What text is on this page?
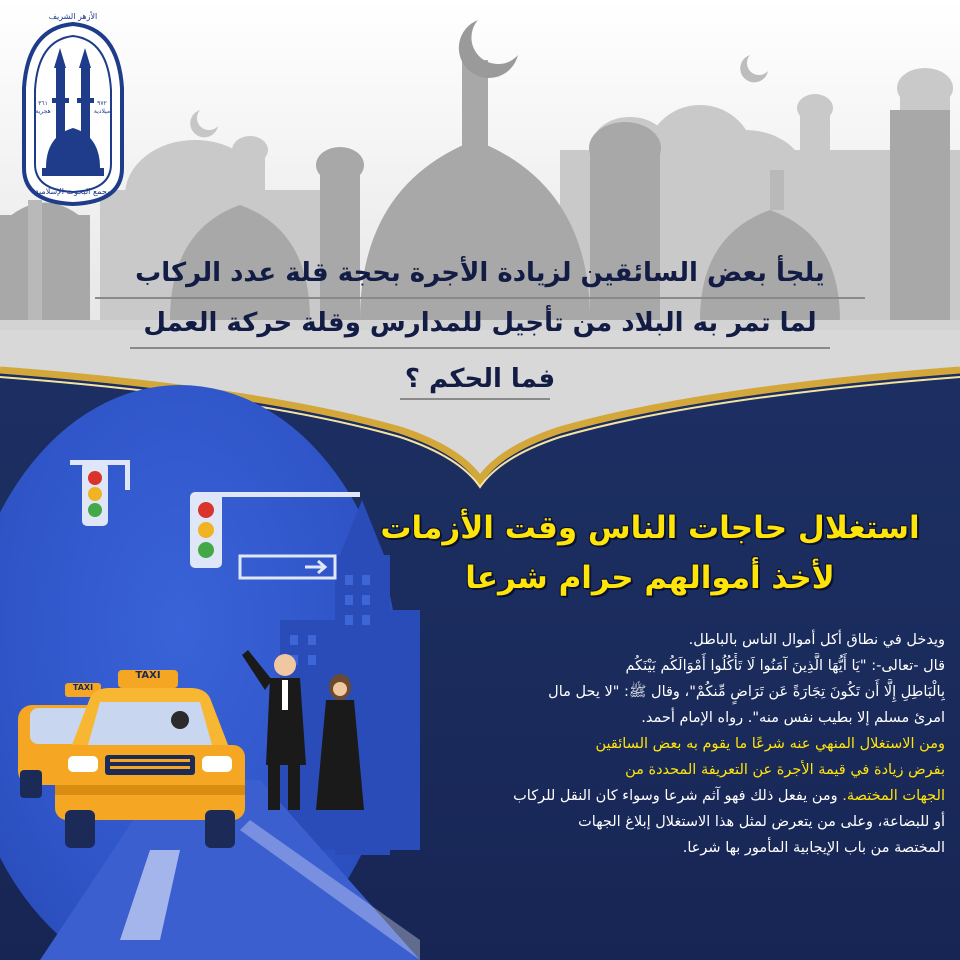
الأزهر الشريف
٣٦١ هجرية
٩٧٢ ميلادية
مجمع البحوث الإسلامية
يلجأ بعض السائقين لزيادة الأجرة بحجة قلة عدد الركاب
لما تمر به البلاد من تأجيل للمدارس وقلة حركة العمل
فما الحكم ؟
TAXI
TAXI
استغلال حاجات الناس وقت الأزمات
لأخذ أموالهم حرام شرعا
ويدخل في نطاق أكل أموال الناس بالباطل.
قال -تعالى-: "يَا أَيُّهَا الَّذِينَ آمَنُوا لَا تَأْكُلُوا أَمْوَالَكُم بَيْنَكُم
بِالْبَاطِلِ إِلَّا أَن تَكُونَ تِجَارَةً عَن تَرَاضٍ مِّنكُمْ"، وقال ﷺ: "لا يحل مال
امرئ مسلم إلا بطيب نفس منه". رواه الإمام أحمد.
ومن الاستغلال المنهي عنه شرعًا ما يقوم به بعض السائقين
بفرض زيادة في قيمة الأجرة عن التعريفة المحددة من
الجهات المختصة. ومن يفعل ذلك فهو آثم شرعا وسواء كان النقل للركاب
أو للبضاعة، وعلى من يتعرض لمثل هذا الاستغلال إبلاغ الجهات
المختصة من باب الإيجابية المأمور بها شرعا.
